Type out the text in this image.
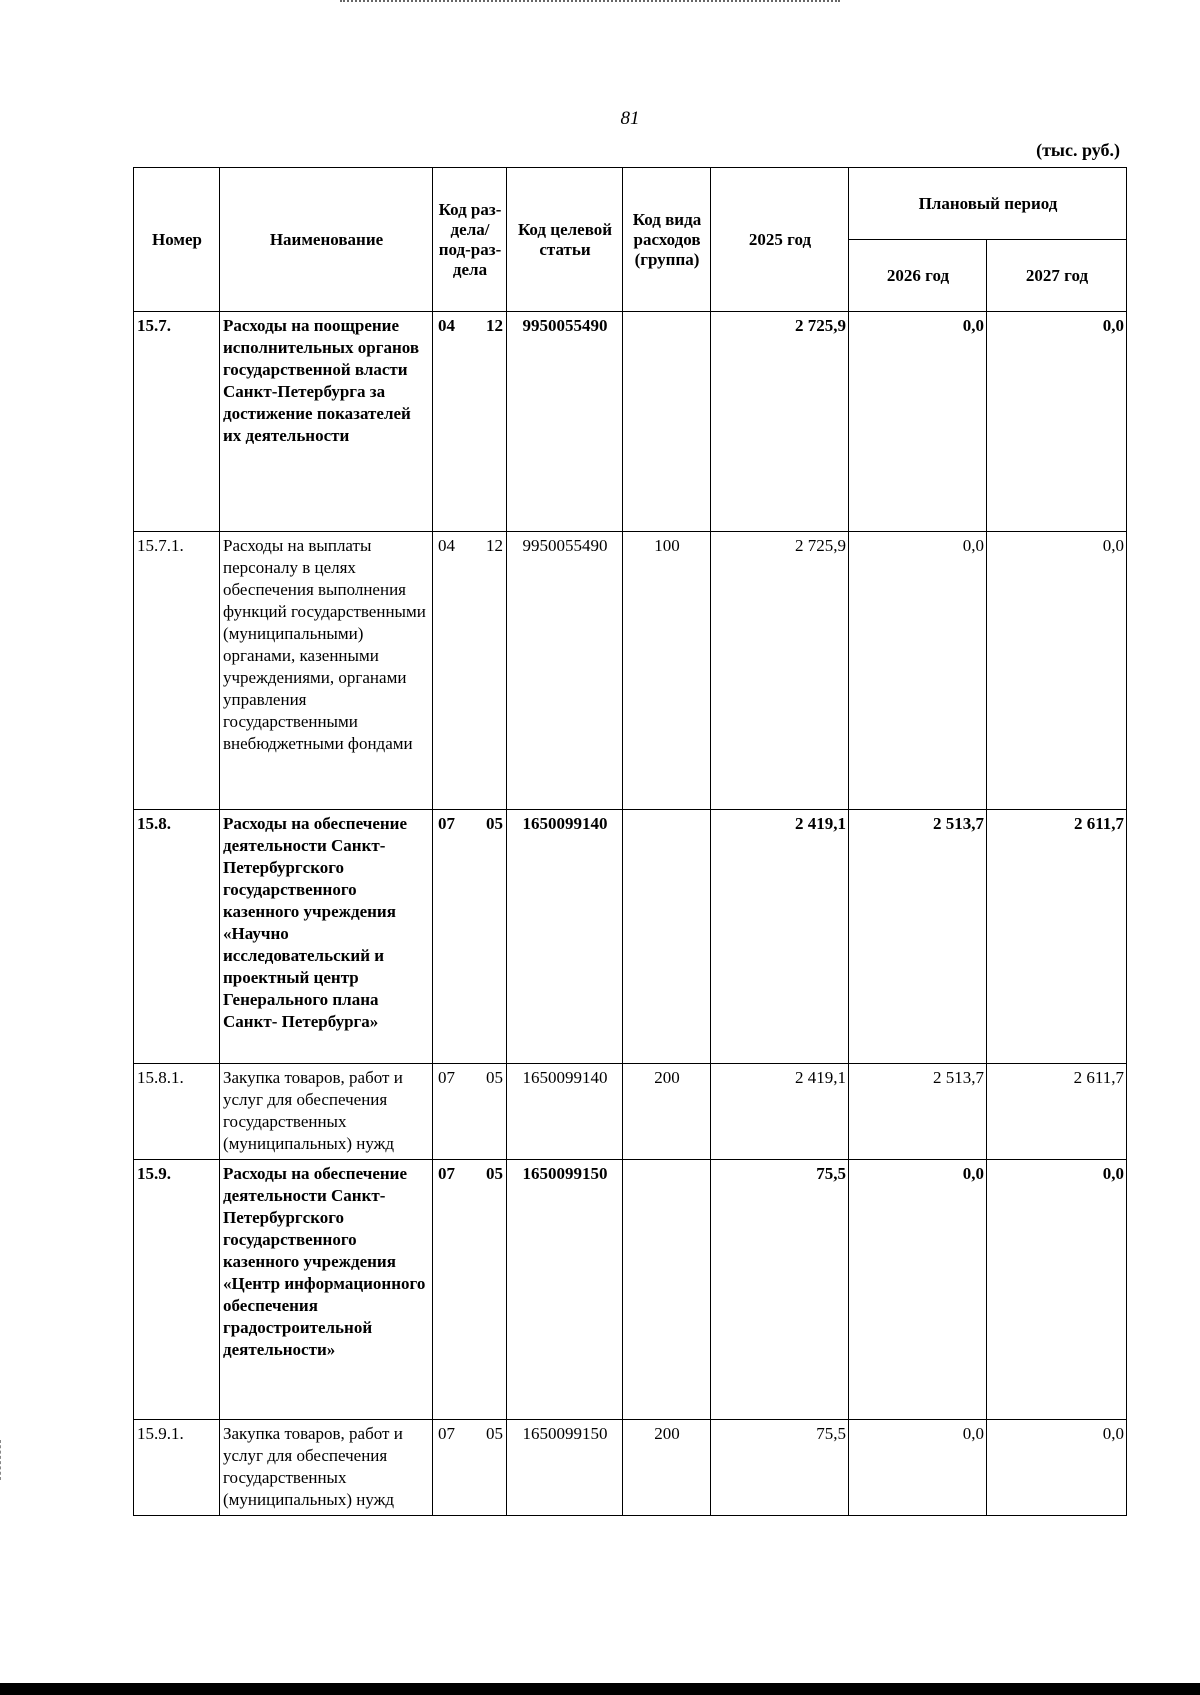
81
(тыс. руб.)
Номер	Наименование	Код раз-дела/ под-раз-дела	Код целевой статьи	Код вида расходов (группа)	2025 год	Плановый период	
						2026 год	2027 год
15.7.	Расходы на поощрение исполнительных органов государственной власти Санкт-Петербурга за достижение показателей их деятельности	04 12	9950055490		2 725,9	0,0	0,0
15.7.1.	Расходы на выплаты персоналу в целях обеспечения выполнения функций государственными (муниципальными) органами, казенными учреждениями, органами управления государственными внебюджетными фондами	04 12	9950055490	100	2 725,9	0,0	0,0
15.8.	Расходы на обеспечение деятельности Санкт-Петербургского государственного казенного учреждения «Научно исследовательский и проектный центр Генерального плана Санкт- Петербурга»	07 05	1650099140		2 419,1	2 513,7	2 611,7
15.8.1.	Закупка товаров, работ и услуг для обеспечения государственных (муниципальных) нужд	07 05	1650099140	200	2 419,1	2 513,7	2 611,7
15.9.	Расходы на обеспечение деятельности Санкт-Петербургского государственного казенного учреждения «Центр информационного обеспечения градостроительной деятельности»	07 05	1650099150		75,5	0,0	0,0
15.9.1.	Закупка товаров, работ и услуг для обеспечения государственных (муниципальных) нужд	07 05	1650099150	200	75,5	0,0	0,0
